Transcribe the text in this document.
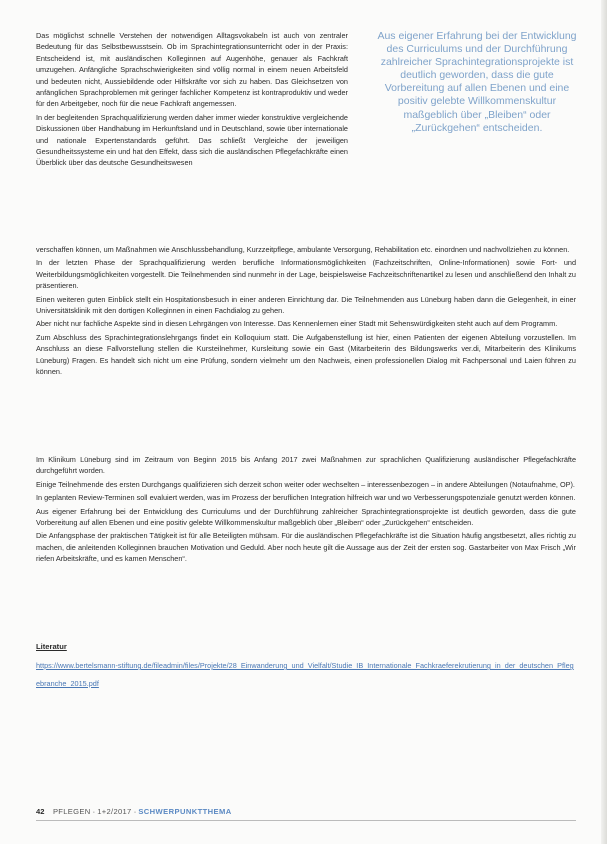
Das möglichst schnelle Verstehen der notwendigen Alltagsvokabeln ist auch von zentraler Bedeutung für das Selbstbewusstsein. Ob im Sprachintegrationsunterricht oder in der Praxis: Entscheidend ist, mit ausländischen Kolleginnen auf Augenhöhe, genauer als Fachkraft umzugehen. Anfängliche Sprachschwierigkeiten sind völlig normal in einem neuen Arbeitsfeld und bedeuten nicht, Aussiebildende oder Hilfskräfte vor sich zu haben. Das Gleichsetzen von anfänglichen Sprachproblemen mit geringer fachlicher Kompetenz ist kontraproduktiv und weder für den Arbeitgeber, noch für die neue Fachkraft angemessen.

In der begleitenden Sprachqualifizierung werden daher immer wieder konstruktive vergleichende Diskussionen über Handhabung im Herkunftsland und in Deutschland, sowie über internationale und nationale Expertenstandards geführt. Das schließt Vergleiche der jeweiligen Gesundheitssysteme ein und hat den Effekt, dass sich die ausländischen Pflegefachkräfte einen Überblick über das deutsche Gesundheitswesen

Aus eigener Erfahrung bei der Entwicklung des Curriculums und der Durchführung zahlreicher Sprachintegrationsprojekte ist deutlich geworden, dass die gute Vorbereitung auf allen Ebenen und eine positiv gelebte Willkommenskultur maßgeblich über „Bleiben“ oder „Zurückgehen“ entscheiden.

verschaffen können, um Maßnahmen wie Anschlussbehandlung, Kurzzeitpflege, ambulante Versorgung, Rehabilitation etc. einordnen und nachvollziehen zu können.

In der letzten Phase der Sprachqualifizierung werden berufliche Informationsmöglichkeiten (Fachzeitschriften, Online-Informationen) sowie Fort- und Weiterbildungsmöglichkeiten vorgestellt. Die Teilnehmenden sind nunmehr in der Lage, beispielsweise Fachzeitschriftenartikel zu lesen und anschließend den Inhalt zu präsentieren.

Einen weiteren guten Einblick stellt ein Hospitationsbesuch in einer anderen Einrichtung dar. Die Teilnehmenden aus Lüneburg haben dann die Gelegenheit, in einer Universitätsklinik mit den dortigen Kolleginnen in einen Fachdialog zu gehen.

Aber nicht nur fachliche Aspekte sind in diesen Lehrgängen von Interesse. Das Kennenlernen einer Stadt mit Sehenswürdigkeiten steht auch auf dem Programm.

Zum Abschluss des Sprachintegrationslehrgangs findet ein Kolloquium statt. Die Aufgabenstellung ist hier, einen Patienten der eigenen Abteilung vorzustellen. Im Anschluss an diese Fallvorstellung stellen die Kursteilnehmer, Kursleitung sowie ein Gast (Mitarbeiterin des Bildungswerks ver.di, Mitarbeiterin des Klinikums Lüneburg) Fragen. Es handelt sich nicht um eine Prüfung, sondern vielmehr um den Nachweis, einen professionellen Dialog mit Fachpersonal und Laien führen zu können.

Im Klinikum Lüneburg sind im Zeitraum von Beginn 2015 bis Anfang 2017 zwei Maßnahmen zur sprachlichen Qualifizierung ausländischer Pflegefachkräfte durchgeführt worden.

Einige Teilnehmende des ersten Durchgangs qualifizieren sich derzeit schon weiter oder wechselten – interessenbezogen – in andere Abteilungen (Notaufnahme, OP).

In geplanten Review-Terminen soll evaluiert werden, was im Prozess der beruflichen Integration hilfreich war und wo Verbesserungspotenziale genutzt werden können.

Aus eigener Erfahrung bei der Entwicklung des Curriculums und der Durchführung zahlreicher Sprachintegrationsprojekte ist deutlich geworden, dass die gute Vorbereitung auf allen Ebenen und eine positiv gelebte Willkommenskultur maßgeblich über „Bleiben“ oder „Zurückgehen“ entscheiden.

Die Anfangsphase der praktischen Tätigkeit ist für alle Beteiligten mühsam. Für die ausländischen Pflegefachkräfte ist die Situation häufig angstbesetzt, alles richtig zu machen, die anleitenden Kolleginnen brauchen Motivation und Geduld. Aber noch heute gilt die Aussage aus der Zeit der ersten sog. Gastarbeiter von Max Frisch „Wir riefen Arbeitskräfte, und es kamen Menschen“.

Literatur

https://www.bertelsmann-stiftung.de/fileadmin/files/Projekte/28_Einwanderung_und_Vielfalt/Studie_IB_Internationale_Fachkraeferekrutierung_in_der_deutschen_Pflegebranche_2015.pdf
42 PFLEGEN · 1+2/2017 · SCHWERPUNKTTHEMA
